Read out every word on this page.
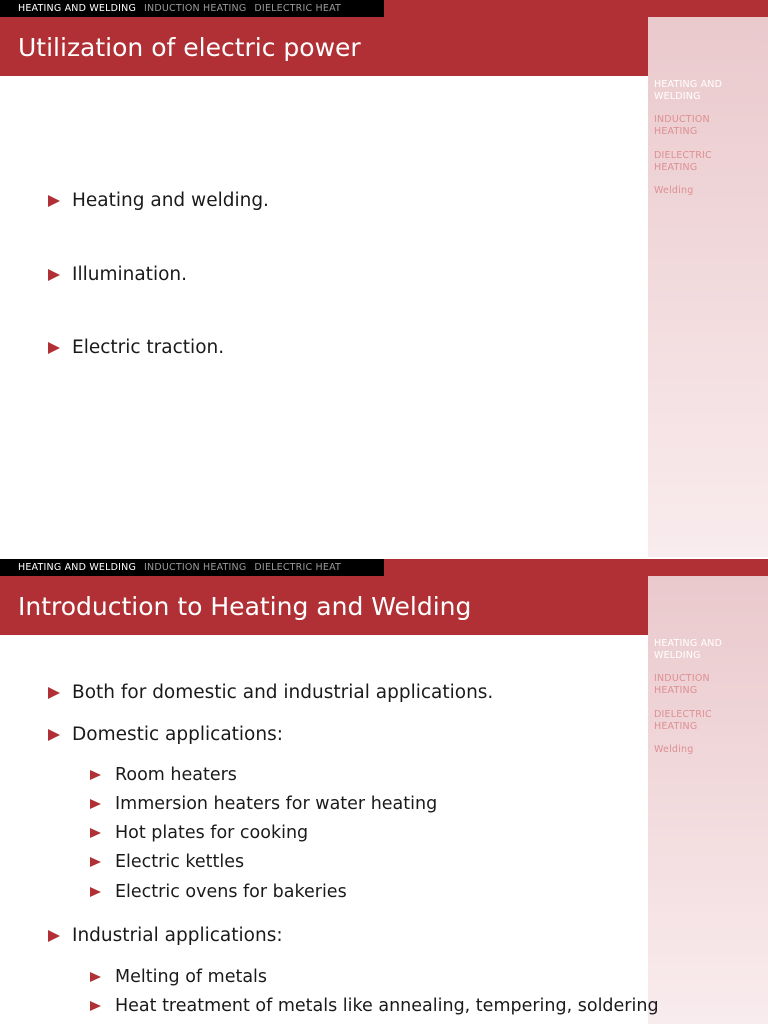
HEATING AND WELDING INDUCTION HEATING DIELECTRIC HEAT
Utilization of electric power
HEATING AND
WELDING
INDUCTION
HEATING
DIELECTRIC
HEATING
Welding
Heating and welding.
Illumination.
Electric traction.
HEATING AND WELDING INDUCTION HEATING DIELECTRIC HEAT
Introduction to Heating and Welding
HEATING AND
WELDING
INDUCTION
HEATING
DIELECTRIC
HEATING
Welding
Both for domestic and industrial applications.
Domestic applications:
Room heaters
Immersion heaters for water heating
Hot plates for cooking
Electric kettles
Electric ovens for bakeries
Industrial applications:
Melting of metals
Heat treatment of metals like annealing, tempering, soldering
